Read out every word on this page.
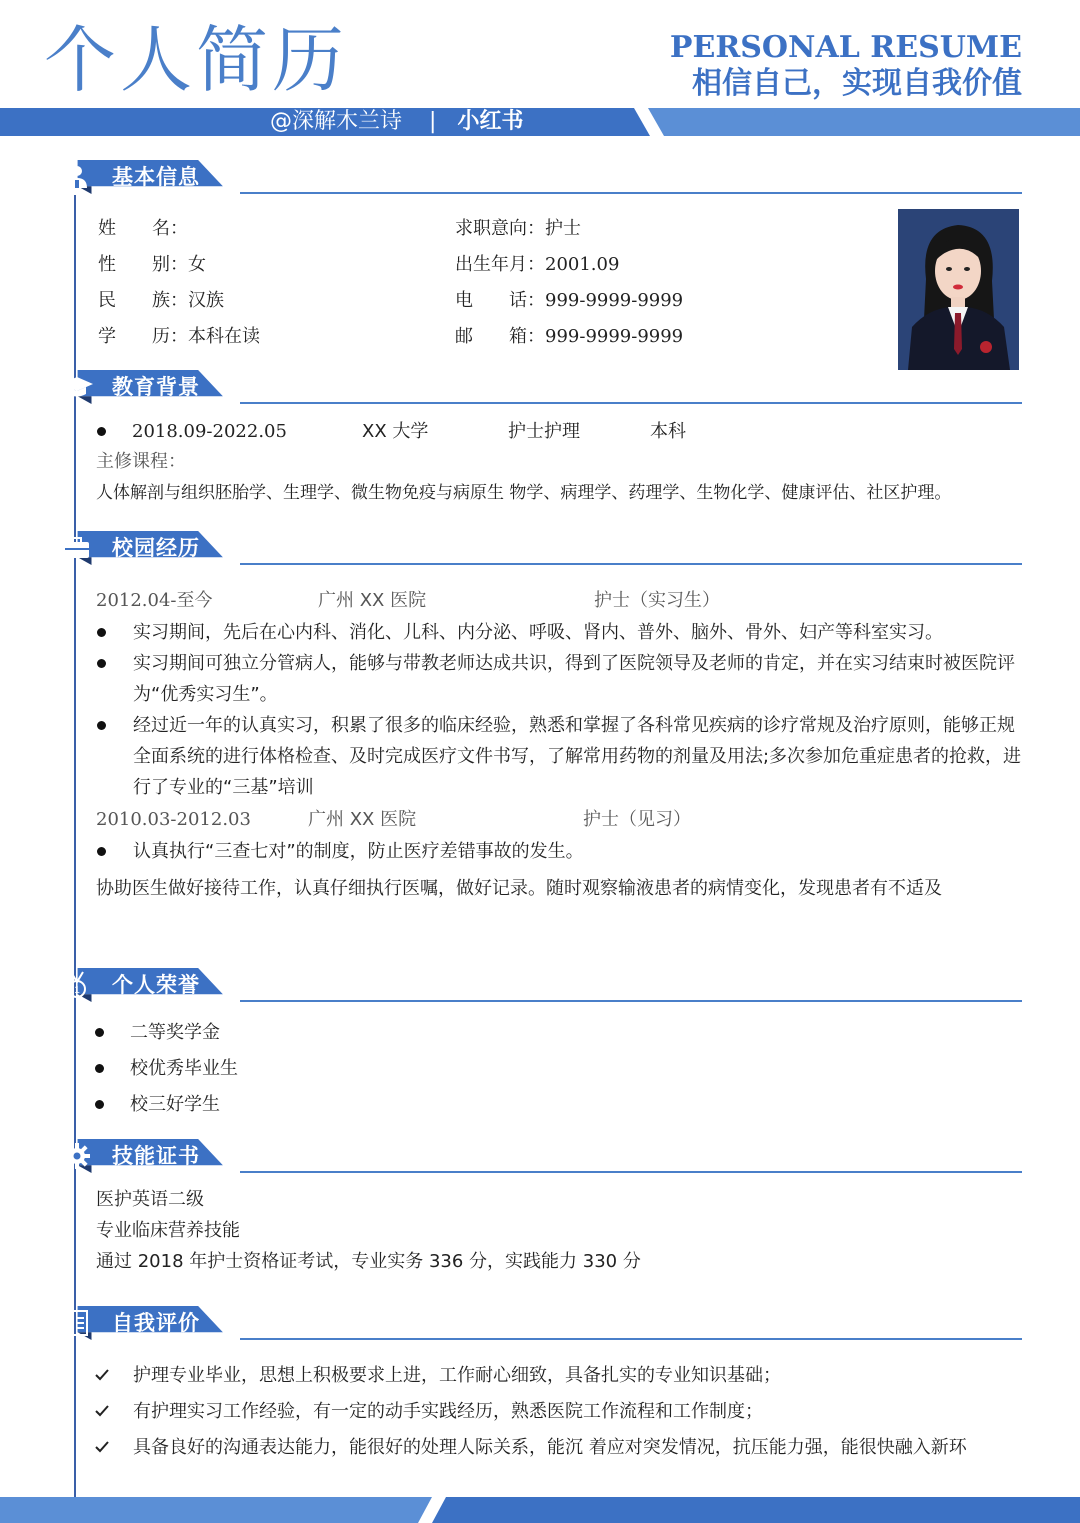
个人简历	PERSONAL RESUME
相信自己，实现自我价值
@深解木兰诗 | 小红书
基本信息
姓　　名：
性　　别：女
民　　族：汉族
学　　历：本科在读
求职意向：护士
出生年月：2001.09
电　　话：999-9999-9999
邮　　箱：999-9999-9999
教育背景
2018.09-2022.05	XX 大学	护士护理	本科
主修课程：
人体解剖与组织胚胎学、生理学、微生物免疫与病原生 物学、病理学、药理学、生物化学、健康评估、社区护理。
校园经历
2012.04-至今	广州 XX 医院	护士（实习生）
实习期间，先后在心内科、消化、儿科、内分泌、呼吸、肾内、普外、脑外、骨外、妇产等科室实习。
实习期间可独立分管病人，能够与带教老师达成共识，得到了医院领导及老师的肯定，并在实习结束时被医院评为“优秀实习生”。
经过近一年的认真实习，积累了很多的临床经验，熟悉和掌握了各科常见疾病的诊疗常规及治疗原则，能够正规全面系统的进行体格检查、及时完成医疗文件书写，了解常用药物的剂量及用法;多次参加危重症患者的抢救，进行了专业的“三基”培训
2010.03-2012.03	广州 XX 医院	护士（见习）
认真执行“三查七对”的制度，防止医疗差错事故的发生。
协助医生做好接待工作，认真仔细执行医嘱，做好记录。随时观察输液患者的病情变化，发现患者有不适及
1 个人荣誉
二等奖学金
校优秀毕业生
校三好学生
技能证书
医护英语二级
专业临床营养技能
通过 2018 年护士资格证考试，专业实务 336 分，实践能力 330 分
自我评价
护理专业毕业，思想上积极要求上进，工作耐心细致，具备扎实的专业知识基础；
有护理实习工作经验，有一定的动手实践经历，熟悉医院工作流程和工作制度；
具备良好的沟通表达能力，能很好的处理人际关系，能沉 着应对突发情况，抗压能力强，能很快融入新环
